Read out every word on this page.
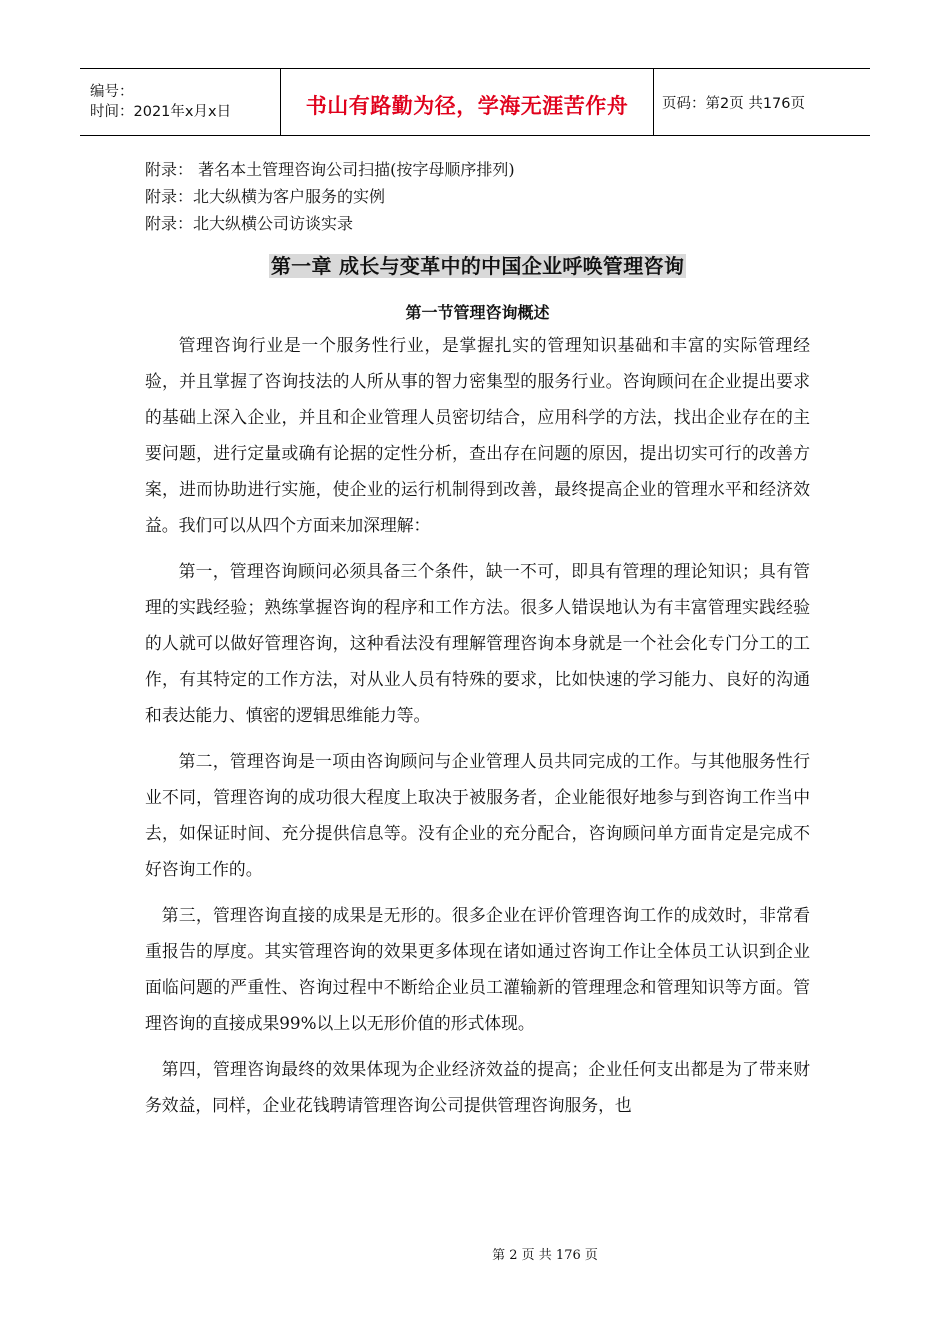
编号：
时间：2021年x月x日	书山有路勤为径，学海无涯苦作舟 页码：第2页 共176页
附录： 著名本土管理咨询公司扫描(按字母顺序排列)
附录：北大纵横为客户服务的实例
附录：北大纵横公司访谈实录
第一章 成长与变革中的中国企业呼唤管理咨询
第一节管理咨询概述

管理咨询行业是一个服务性行业，是掌握扎实的管理知识基础和丰富的实际管理经验，并且掌握了咨询技法的人所从事的智力密集型的服务行业。咨询顾问在企业提出要求的基础上深入企业，并且和企业管理人员密切结合，应用科学的方法，找出企业存在的主要问题，进行定量或确有论据的定性分析，查出存在问题的原因，提出切实可行的改善方案，进而协助进行实施，使企业的运行机制得到改善，最终提高企业的管理水平和经济效益。我们可以从四个方面来加深理解：

第一，管理咨询顾问必须具备三个条件，缺一不可，即具有管理的理论知识；具有管理的实践经验；熟练掌握咨询的程序和工作方法。很多人错误地认为有丰富管理实践经验的人就可以做好管理咨询，这种看法没有理解管理咨询本身就是一个社会化专门分工的工作，有其特定的工作方法，对从业人员有特殊的要求，比如快速的学习能力、良好的沟通和表达能力、慎密的逻辑思维能力等。

第二，管理咨询是一项由咨询顾问与企业管理人员共同完成的工作。与其他服务性行业不同，管理咨询的成功很大程度上取决于被服务者，企业能很好地参与到咨询工作当中去，如保证时间、充分提供信息等。没有企业的充分配合，咨询顾问单方面肯定是完成不好咨询工作的。

第三，管理咨询直接的成果是无形的。很多企业在评价管理咨询工作的成效时，非常看重报告的厚度。其实管理咨询的效果更多体现在诸如通过咨询工作让全体员工认识到企业面临问题的严重性、咨询过程中不断给企业员工灌输新的管理理念和管理知识等方面。管理咨询的直接成果99%以上以无形价值的形式体现。

第四，管理咨询最终的效果体现为企业经济效益的提高；企业任何支出都是为了带来财务效益，同样，企业花钱聘请管理咨询公司提供管理咨询服务，也

第 2 页 共 176 页
